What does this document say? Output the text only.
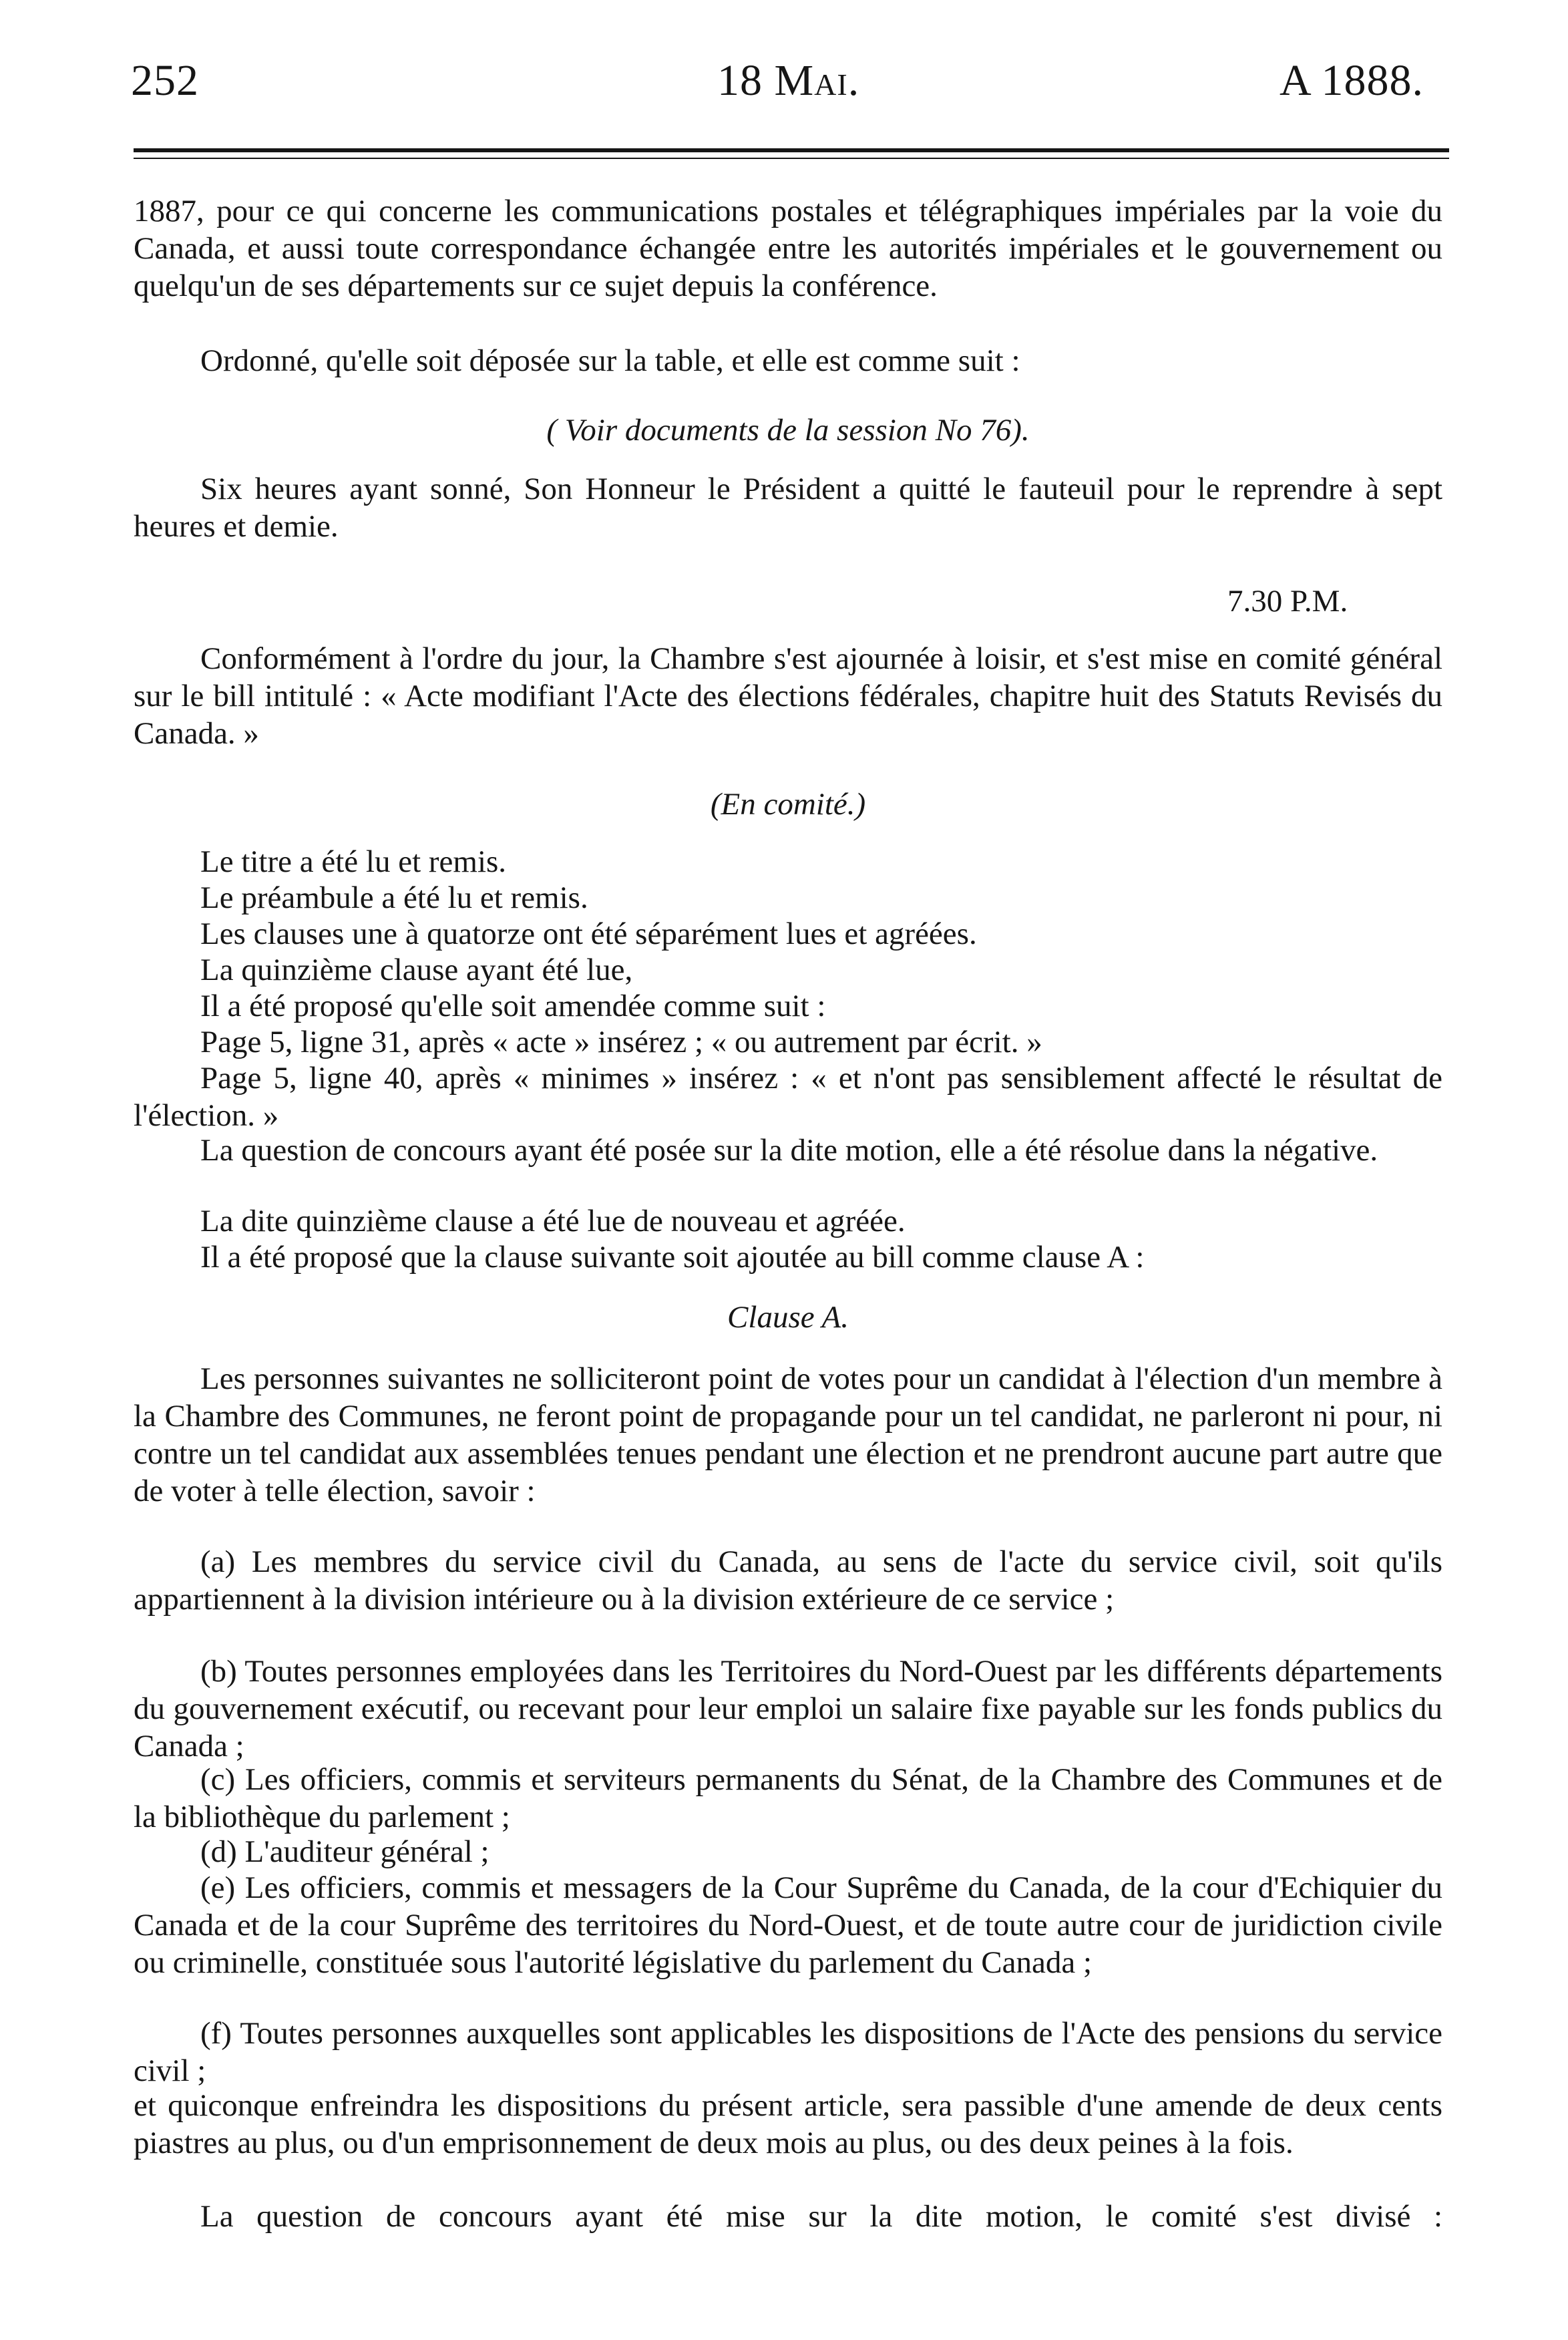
252	18 Mai.	A 1888.

1887, pour ce qui concerne les communications postales et télégraphiques impériales par la voie du Canada, et aussi toute correspondance échangée entre les autorités impériales et le gouvernement ou quelqu'un de ses départements sur ce sujet depuis la conférence.

Ordonné, qu'elle soit déposée sur la table, et elle est comme suit :

( Voir documents de la session No 76).

Six heures ayant sonné, Son Honneur le Président a quitté le fauteuil pour le reprendre à sept heures et demie.

7.30 P.M.

Conformément à l'ordre du jour, la Chambre s'est ajournée à loisir, et s'est mise en comité général sur le bill intitulé : « Acte modifiant l'Acte des élections fédérales, chapitre huit des Statuts Revisés du Canada. »

(En comité.)

Le titre a été lu et remis.

Le préambule a été lu et remis.

Les clauses une à quatorze ont été séparément lues et agréées.

La quinzième clause ayant été lue,

Il a été proposé qu'elle soit amendée comme suit :

Page 5, ligne 31, après « acte » insérez ; « ou autrement par écrit. »

Page 5, ligne 40, après « minimes » insérez : « et n'ont pas sensiblement affecté le résultat de l'élection. »

La question de concours ayant été posée sur la dite motion, elle a été résolue dans la négative.

La dite quinzième clause a été lue de nouveau et agréée.

Il a été proposé que la clause suivante soit ajoutée au bill comme clause A :

Clause A.

Les personnes suivantes ne solliciteront point de votes pour un candidat à l'élection d'un membre à la Chambre des Communes, ne feront point de propagande pour un tel candidat, ne parleront ni pour, ni contre un tel candidat aux assemblées tenues pendant une élection et ne prendront aucune part autre que de voter à telle élection, savoir :

(a) Les membres du service civil du Canada, au sens de l'acte du service civil, soit qu'ils appartiennent à la division intérieure ou à la division extérieure de ce service ;

(b) Toutes personnes employées dans les Territoires du Nord-Ouest par les différents départements du gouvernement exécutif, ou recevant pour leur emploi un salaire fixe payable sur les fonds publics du Canada ;

(c) Les officiers, commis et serviteurs permanents du Sénat, de la Chambre des Communes et de la bibliothèque du parlement ;

(d) L'auditeur général ;

(e) Les officiers, commis et messagers de la Cour Suprême du Canada, de la cour d'Echiquier du Canada et de la cour Suprême des territoires du Nord-Ouest, et de toute autre cour de juridiction civile ou criminelle, constituée sous l'autorité législative du parlement du Canada ;

(f) Toutes personnes auxquelles sont applicables les dispositions de l'Acte des pensions du service civil ;

et quiconque enfreindra les dispositions du présent article, sera passible d'une amende de deux cents piastres au plus, ou d'un emprisonnement de deux mois au plus, ou des deux peines à la fois.

La question de concours ayant été mise sur la dite motion, le comité s'est divisé :
